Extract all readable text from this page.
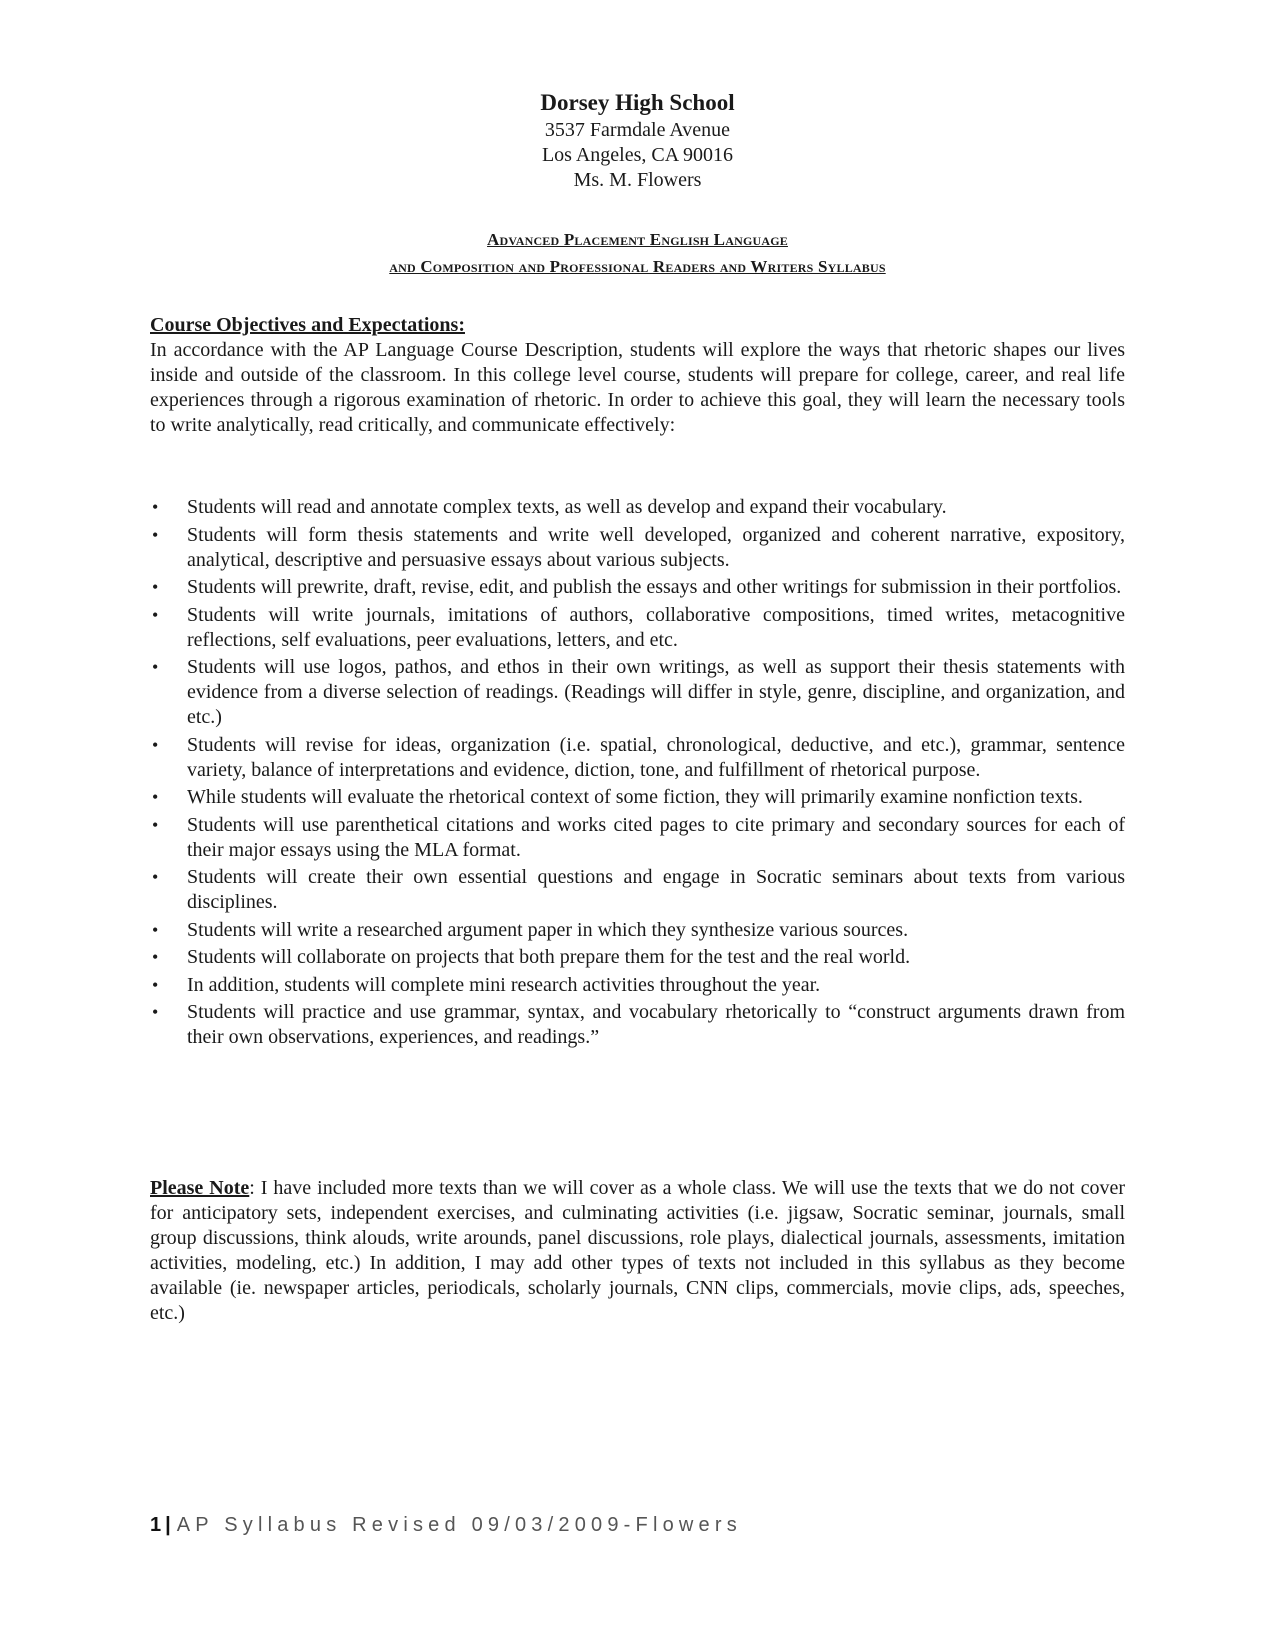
Dorsey High School
3537 Farmdale Avenue
Los Angeles, CA 90016
Ms. M. Flowers
Advanced Placement English Language
and Composition and Professional Readers and Writers Syllabus
Course Objectives and Expectations:
In accordance with the AP Language Course Description, students will explore the ways that rhetoric shapes our lives inside and outside of the classroom. In this college level course, students will prepare for college, career, and real life experiences through a rigorous examination of rhetoric. In order to achieve this goal, they will learn the necessary tools to write analytically, read critically, and communicate effectively:
• Students will read and annotate complex texts, as well as develop and expand their vocabulary.
• Students will form thesis statements and write well developed, organized and coherent narrative, expository, analytical, descriptive and persuasive essays about various subjects.
• Students will prewrite, draft, revise, edit, and publish the essays and other writings for submission in their portfolios.
• Students will write journals, imitations of authors, collaborative compositions, timed writes, metacognitive reflections, self evaluations, peer evaluations, letters, and etc.
• Students will use logos, pathos, and ethos in their own writings, as well as support their thesis statements with evidence from a diverse selection of readings. (Readings will differ in style, genre, discipline, and organization, and etc.)
• Students will revise for ideas, organization (i.e. spatial, chronological, deductive, and etc.), grammar, sentence variety, balance of interpretations and evidence, diction, tone, and fulfillment of rhetorical purpose.
• While students will evaluate the rhetorical context of some fiction, they will primarily examine nonfiction texts.
• Students will use parenthetical citations and works cited pages to cite primary and secondary sources for each of their major essays using the MLA format.
• Students will create their own essential questions and engage in Socratic seminars about texts from various disciplines.
• Students will write a researched argument paper in which they synthesize various sources.
• Students will collaborate on projects that both prepare them for the test and the real world.
• In addition, students will complete mini research activities throughout the year.
• Students will practice and use grammar, syntax, and vocabulary rhetorically to “construct arguments drawn from their own observations, experiences, and readings.”
Please Note: I have included more texts than we will cover as a whole class. We will use the texts that we do not cover for anticipatory sets, independent exercises, and culminating activities (i.e. jigsaw, Socratic seminar, journals, small group discussions, think alouds, write arounds, panel discussions, role plays, dialectical journals, assessments, imitation activities, modeling, etc.) In addition, I may add other types of texts not included in this syllabus as they become available (ie. newspaper articles, periodicals, scholarly journals, CNN clips, commercials, movie clips, ads, speeches, etc.)
1 | AP Syllabus Revised 09/03/2009-Flowers
